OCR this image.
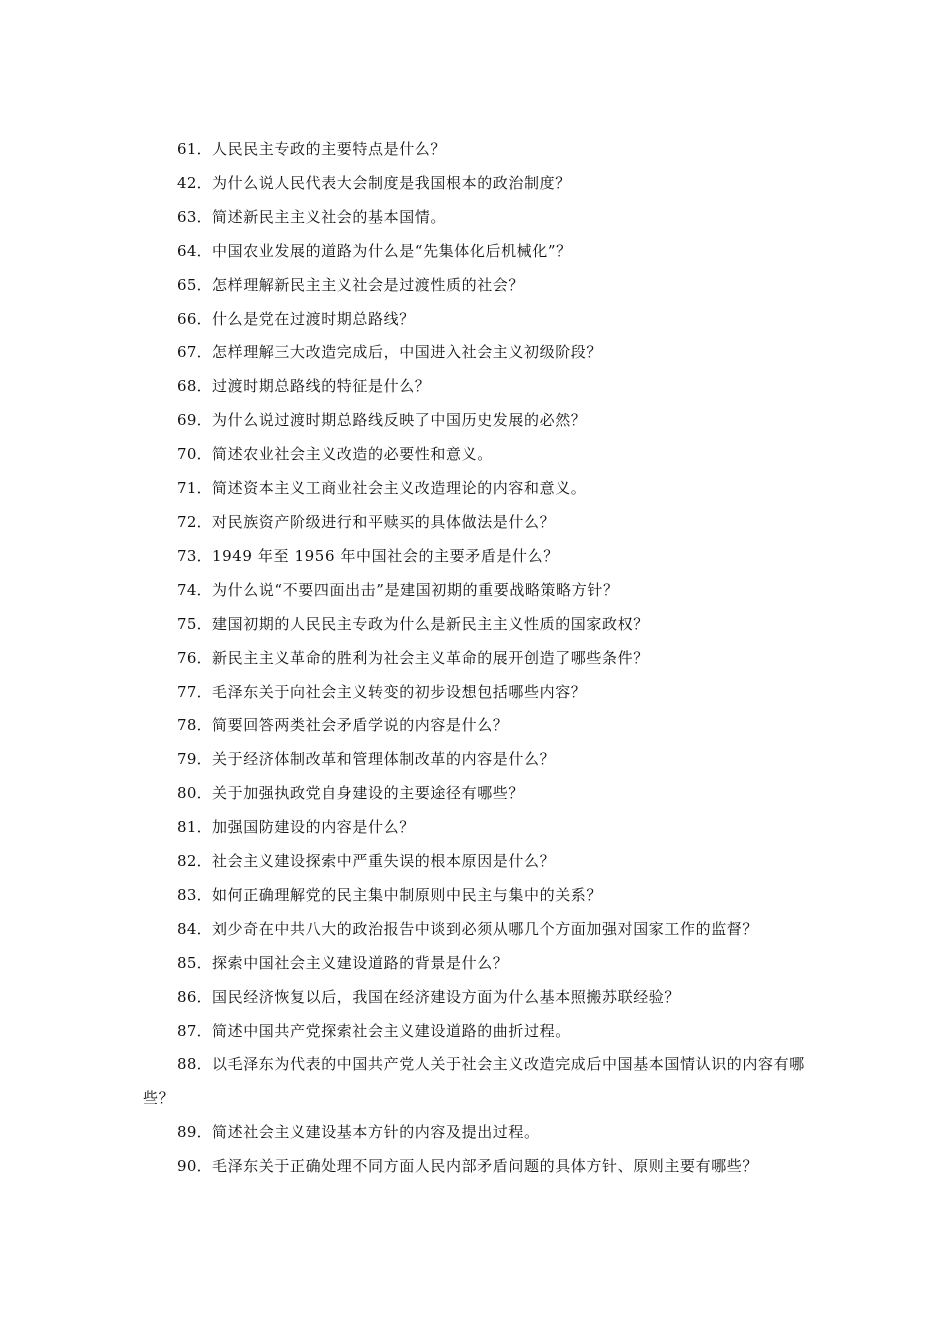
61．人民民主专政的主要特点是什么？
42．为什么说人民代表大会制度是我国根本的政治制度？
63．简述新民主主义社会的基本国情。
64．中国农业发展的道路为什么是“先集体化后机械化”？
65．怎样理解新民主主义社会是过渡性质的社会？
66．什么是党在过渡时期总路线？
67．怎样理解三大改造完成后，中国进入社会主义初级阶段？
68．过渡时期总路线的特征是什么？
69．为什么说过渡时期总路线反映了中国历史发展的必然？
70．简述农业社会主义改造的必要性和意义。
71．简述资本主义工商业社会主义改造理论的内容和意义。
72．对民族资产阶级进行和平赎买的具体做法是什么？
73．1949 年至 1956 年中国社会的主要矛盾是什么？
74．为什么说“不要四面出击”是建国初期的重要战略策略方针？
75．建国初期的人民民主专政为什么是新民主主义性质的国家政权？
76．新民主主义革命的胜利为社会主义革命的展开创造了哪些条件？
77．毛泽东关于向社会主义转变的初步设想包括哪些内容？
78．简要回答两类社会矛盾学说的内容是什么？
79．关于经济体制改革和管理体制改革的内容是什么？
80．关于加强执政党自身建设的主要途径有哪些？
81．加强国防建设的内容是什么？
82．社会主义建设探索中严重失误的根本原因是什么？
83．如何正确理解党的民主集中制原则中民主与集中的关系？
84．刘少奇在中共八大的政治报告中谈到必须从哪几个方面加强对国家工作的监督？
85．探索中国社会主义建设道路的背景是什么？
86．国民经济恢复以后，我国在经济建设方面为什么基本照搬苏联经验？
87．简述中国共产党探索社会主义建设道路的曲折过程。
88．以毛泽东为代表的中国共产党人关于社会主义改造完成后中国基本国情认识的内容有哪些？
89．简述社会主义建设基本方针的内容及提出过程。
90．毛泽东关于正确处理不同方面人民内部矛盾问题的具体方针、原则主要有哪些？
